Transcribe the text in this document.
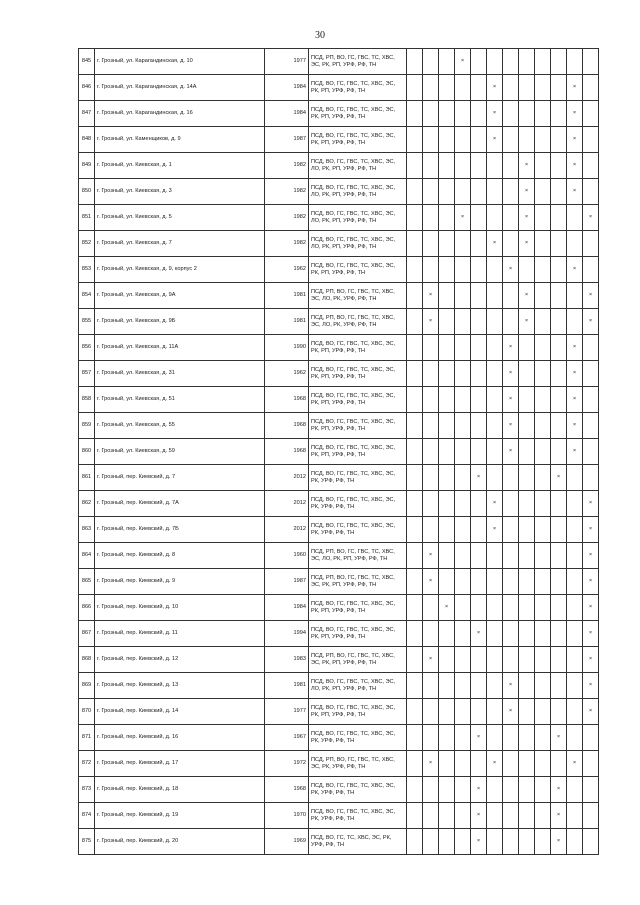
30
845	г. Грозный, ул. Карагандинская, д. 10	1977	ПСД, РП, ВО, ГС, ГВС, ТС, ХВС, ЭС, РК, РП, УРФ, РФ, ТН				×								
846	г. Грозный, ул. Карагандинская, д. 14А	1984	ПСД, ВО, ГС, ГВС, ТС, ХВС, ЭС, РК, РП, УРФ, РФ, ТН						×					×	
847	г. Грозный, ул. Карагандинская, д. 16	1984	ПСД, ВО, ГС, ГВС, ТС, ХВС, ЭС, РК, РП, УРФ, РФ, ТН						×					×	
848	г. Грозный, ул. Каменщиков, д. 9	1987	ПСД, ВО, ГС, ГВС, ТС, ХВС, ЭС, РК, РП, УРФ, РФ, ТН						×					×	
849	г. Грозный, ул. Киевская, д. 1	1982	ПСД, ВО, ГС, ГВС, ТС, ХВС, ЭС, ЛО, РК, РП, УРФ, РФ, ТН								×			×	
850	г. Грозный, ул. Киевская, д. 3	1982	ПСД, ВО, ГС, ГВС, ТС, ХВС, ЭС, ЛО, РК, РП, УРФ, РФ, ТН								×			×	
851	г. Грозный, ул. Киевская, д. 5	1982	ПСД, ВО, ГС, ГВС, ТС, ХВС, ЭС, ЛО, РК, РП, УРФ, РФ, ТН				×				×				×
852	г. Грозный, ул. Киевская, д. 7	1982	ПСД, ВО, ГС, ГВС, ТС, ХВС, ЭС, ЛО, РК, РП, УРФ, РФ, ТН						×		×				
853	г. Грозный, ул. Киевская, д. 9, корпус 2	1962	ПСД, ВО, ГС, ГВС, ТС, ХВС, ЭС, РК, РП, УРФ, РФ, ТН							×				×	
854	г. Грозный, ул. Киевская, д. 9А	1981	ПСД, РП, ВО, ГС, ГВС, ТС, ХВС, ЭС, ЛО, РК, УРФ, РФ, ТН		×						×				×
855	г. Грозный, ул. Киевская, д. 9Б	1981	ПСД, РП, ВО, ГС, ГВС, ТС, ХВС, ЭС, ЛО, РК, УРФ, РФ, ТН		×						×				×
856	г. Грозный, ул. Киевская, д. 11А	1990	ПСД, ВО, ГС, ГВС, ТС, ХВС, ЭС, РК, РП, УРФ, РФ, ТН							×				×	
857	г. Грозный, ул. Киевская, д. 31	1962	ПСД, ВО, ГС, ГВС, ТС, ХВС, ЭС, РК, РП, УРФ, РФ, ТН							×				×	
858	г. Грозный, ул. Киевская, д. 51	1968	ПСД, ВО, ГС, ГВС, ТС, ХВС, ЭС, РК, РП, УРФ, РФ, ТН							×				×	
859	г. Грозный, ул. Киевская, д. 55	1968	ПСД, ВО, ГС, ГВС, ТС, ХВС, ЭС, РК, РП, УРФ, РФ, ТН							×				×	
860	г. Грозный, ул. Киевская, д. 59	1968	ПСД, ВО, ГС, ГВС, ТС, ХВС, ЭС, РК, РП, УРФ, РФ, ТН							×				×	
861	г. Грозный, пер. Киевский, д. 7	2012	ПСД, ВО, ГС, ГВС, ТС, ХВС, ЭС, РК, УРФ, РФ, ТН					×					×		
862	г. Грозный, пер. Киевский, д. 7А	2012	ПСД, ВО, ГС, ГВС, ТС, ХВС, ЭС, РК, УРФ, РФ, ТН						×						×
863	г. Грозный, пер. Киевский, д. 7Б	2012	ПСД, ВО, ГС, ГВС, ТС, ХВС, ЭС, РК, УРФ, РФ, ТН						×						×
864	г. Грозный, пер. Киевский, д. 8	1960	ПСД, РП, ВО, ГС, ГВС, ТС, ХВС, ЭС, ЛО, РК, РП, УРФ, РФ, ТН		×										×
865	г. Грозный, пер. Киевский, д. 9	1987	ПСД, РП, ВО, ГС, ГВС, ТС, ХВС, ЭС, РК, РП, УРФ, РФ, ТН		×										×
866	г. Грозный, пер. Киевский, д. 10	1984	ПСД, ВО, ГС, ГВС, ТС, ХВС, ЭС, РК, РП, УРФ, РФ, ТН			×									×
867	г. Грозный, пер. Киевский, д. 11	1994	ПСД, ВО, ГС, ГВС, ТС, ХВС, ЭС, РК, РП, УРФ, РФ, ТН					×							×
868	г. Грозный, пер. Киевский, д. 12	1983	ПСД, РП, ВО, ГС, ГВС, ТС, ХВС, ЭС, РК, РП, УРФ, РФ, ТН		×										×
869	г. Грозный, пер. Киевский, д. 13	1981	ПСД, ВО, ГС, ГВС, ТС, ХВС, ЭС, ЛО, РК, РП, УРФ, РФ, ТН							×					×
870	г. Грозный, пер. Киевский, д. 14	1977	ПСД, ВО, ГС, ГВС, ТС, ХВС, ЭС, РК, РП, УРФ, РФ, ТН							×					×
871	г. Грозный, пер. Киевский, д. 16	1967	ПСД, ВО, ГС, ГВС, ТС, ХВС, ЭС, РК, УРФ, РФ, ТН					×					×		
872	г. Грозный, пер. Киевский, д. 17	1972	ПСД, РП, ВО, ГС, ГВС, ТС, ХВС, ЭС, РК, УРФ, РФ, ТН		×				×					×	
873	г. Грозный, пер. Киевский, д. 18	1968	ПСД, ВО, ГС, ГВС, ТС, ХВС, ЭС, РК, УРФ, РФ, ТН					×					×		
874	г. Грозный, пер. Киевский, д. 19	1970	ПСД, ВО, ГС, ГВС, ТС, ХВС, ЭС, РК, УРФ, РФ, ТН					×					×		
875	г. Грозный, пер. Киевский, д. 20	1969	ПСД, ВО, ГС, ТС, ХВС, ЭС, РК, УРФ, РФ, ТН					×					×		
